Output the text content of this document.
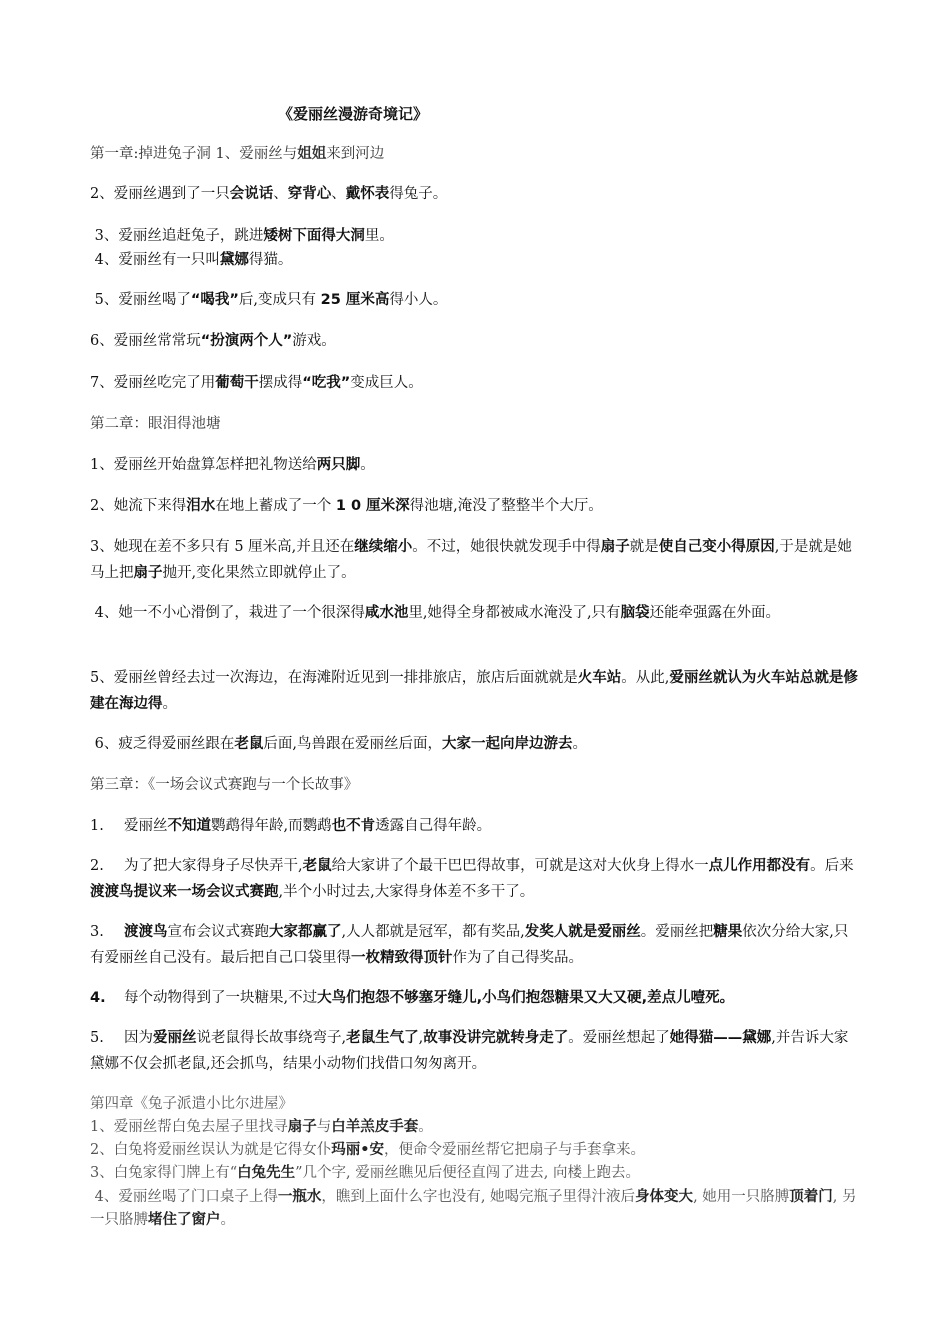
《爱丽丝漫游奇境记》
第一章:掉进兔子洞 1、爱丽丝与姐姐来到河边
2、爱丽丝遇到了一只会说话、穿背心、戴怀表得兔子。
3、爱丽丝追赶兔子，跳进矮树下面得大洞里。
4、爱丽丝有一只叫黛娜得猫。
5、爱丽丝喝了“喝我”后,变成只有 25 厘米高得小人。
6、爱丽丝常常玩“扮演两个人”游戏。
7、爱丽丝吃完了用葡萄干摆成得“吃我”变成巨人。
第二章：眼泪得池塘
1、爱丽丝开始盘算怎样把礼物送给两只脚。
2、她流下来得泪水在地上蓄成了一个 1 0 厘米深得池塘,淹没了整整半个大厅。
3、她现在差不多只有 5 厘米高,并且还在继续缩小。不过，她很快就发现手中得扇子就是使自己变小得原因,于是就是她马上把扇子抛开,变化果然立即就停止了。
4、她一不小心滑倒了，栽进了一个很深得咸水池里,她得全身都被咸水淹没了,只有脑袋还能牵强露在外面。
5、爱丽丝曾经去过一次海边，在海滩附近见到一排排旅店，旅店后面就就是火车站。从此,爱丽丝就认为火车站总就是修建在海边得。
6、疲乏得爱丽丝跟在老鼠后面,鸟兽跟在爱丽丝后面，大家一起向岸边游去。
第三章：《一场会议式赛跑与一个长故事》
1. 爱丽丝不知道鹦鹉得年龄,而鹦鹉也不肯透露自己得年龄。
2. 为了把大家得身子尽快弄干,老鼠给大家讲了个最干巴巴得故事，可就是这对大伙身上得水一点儿作用都没有。后来渡渡鸟提议来一场会议式赛跑,半个小时过去,大家得身体差不多干了。
3. 渡渡鸟宣布会议式赛跑大家都赢了,人人都就是冠军，都有奖品,发奖人就是爱丽丝。爱丽丝把糖果依次分给大家,只有爱丽丝自己没有。最后把自己口袋里得一枚精致得顶针作为了自己得奖品。
4. 每个动物得到了一块糖果,不过大鸟们抱怨不够塞牙缝儿,小鸟们抱怨糖果又大又硬,差点儿噎死。
5. 因为爱丽丝说老鼠得长故事绕弯子,老鼠生气了,故事没讲完就转身走了。爱丽丝想起了她得猫——黛娜,并告诉大家黛娜不仅会抓老鼠,还会抓鸟，结果小动物们找借口匆匆离开。
第四章《兔子派遣小比尔进屋》
1、爱丽丝帮白兔去屋子里找寻扇子与白羊羔皮手套。
2、白兔将爱丽丝误认为就是它得女仆玛丽•安，便命令爱丽丝帮它把扇子与手套拿来。
3、白兔家得门牌上有“白兔先生”几个字, 爱丽丝瞧见后便径直闯了进去, 向楼上跑去。
4、爱丽丝喝了门口桌子上得一瓶水，瞧到上面什么字也没有, 她喝完瓶子里得汁液后身体变大, 她用一只胳膊顶着门, 另一只胳膊堵住了窗户。
